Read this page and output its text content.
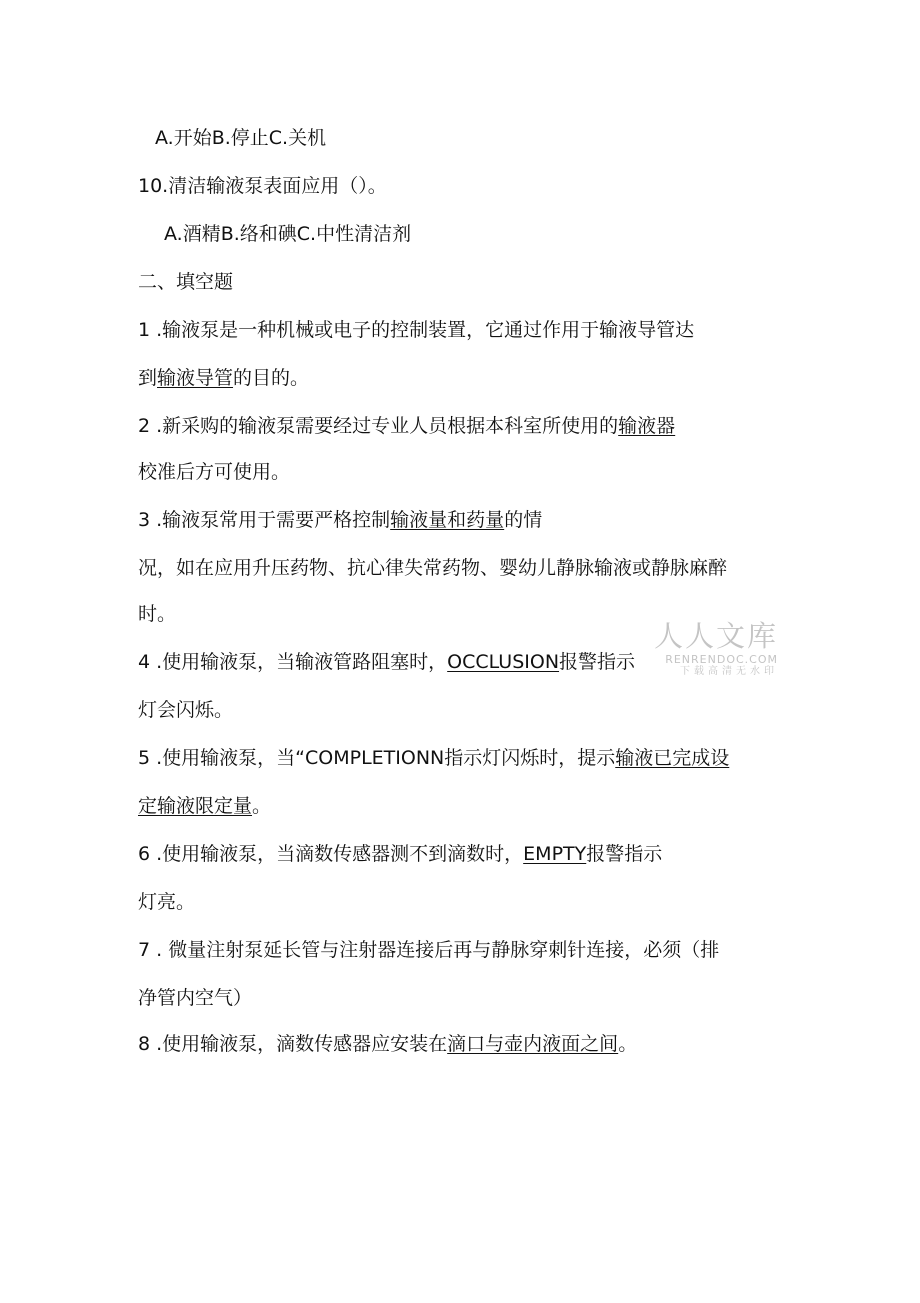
A.开始B.停止C.关机
10.清洁输液泵表面应用（）。
A.酒精B.络和碘C.中性清洁剂
二、填空题
1 .输液泵是一种机械或电子的控制装置，它通过作用于输液导管达
到输液导管的目的。
2 .新采购的输液泵需要经过专业人员根据本科室所使用的输液器
校准后方可使用。
3 .输液泵常用于需要严格控制输液量和药量的情
况，如在应用升压药物、抗心律失常药物、婴幼儿静脉输液或静脉麻醉
时。
4 .使用输液泵，当输液管路阻塞时，OCCLUSION报警指示
灯会闪烁。
5 .使用输液泵，当“COMPLETIONN指示灯闪烁时，提示输液已完成设
定输液限定量。
6 .使用输液泵，当滴数传感器测不到滴数时，EMPTY报警指示
灯亮。
7 . 微量注射泵延长管与注射器连接后再与静脉穿刺针连接，必须（排
净管内空气）
8 .使用输液泵，滴数传感器应安装在滴口与壶内液面之间。
人人文库
RENRENDOC.COM
下载高清无水印
